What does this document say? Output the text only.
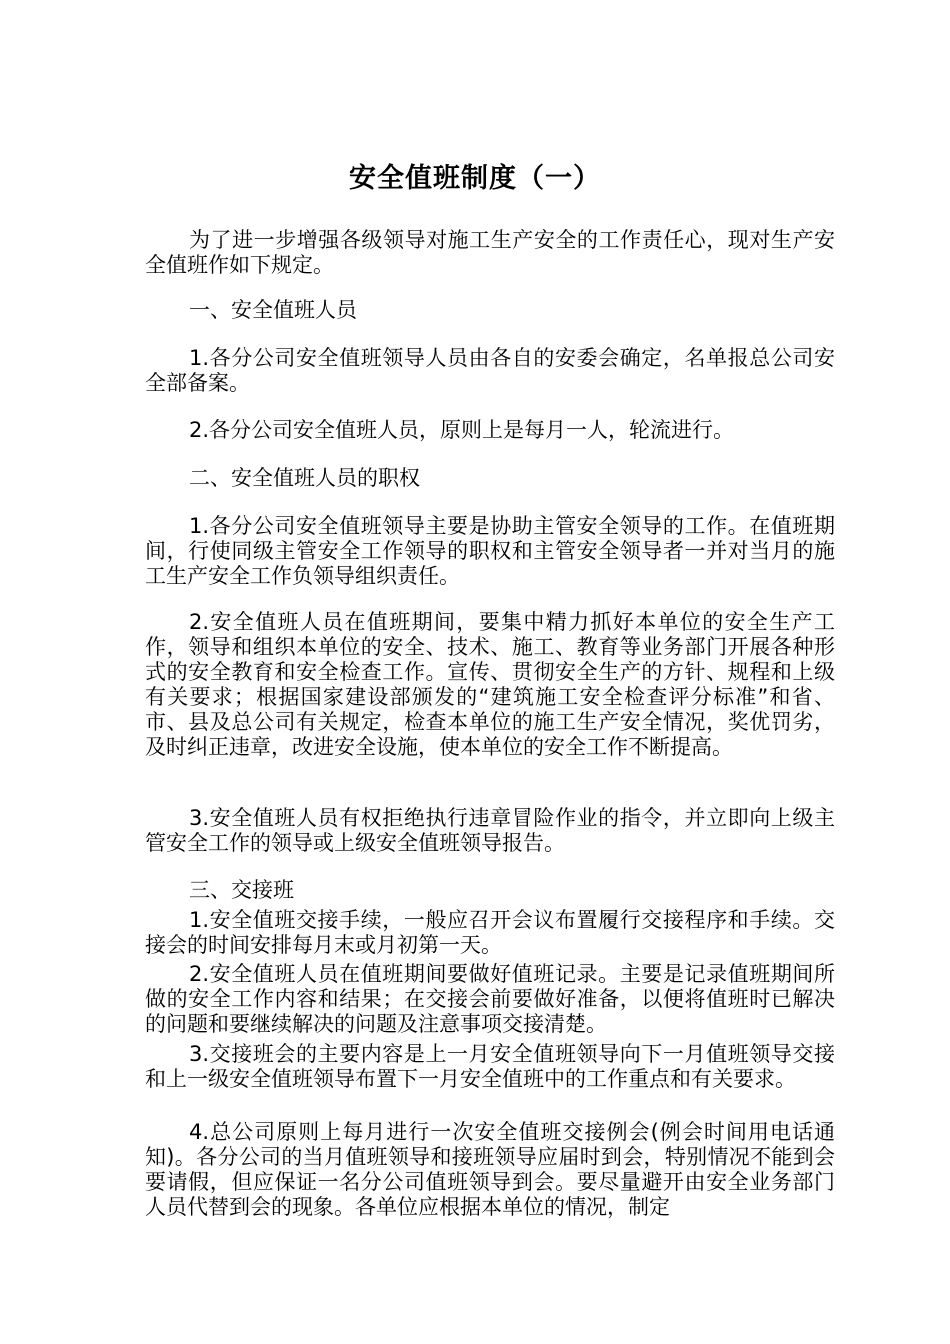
安全值班制度（一）

为了进一步增强各级领导对施工生产安全的工作责任心，现对生产安全值班作如下规定。

一、安全值班人员

1.各分公司安全值班领导人员由各自的安委会确定，名单报总公司安全部备案。

2.各分公司安全值班人员，原则上是每月一人，轮流进行。

二、安全值班人员的职权

1.各分公司安全值班领导主要是协助主管安全领导的工作。在值班期间，行使同级主管安全工作领导的职权和主管安全领导者一并对当月的施工生产安全工作负领导组织责任。

2.安全值班人员在值班期间，要集中精力抓好本单位的安全生产工作，领导和组织本单位的安全、技术、施工、教育等业务部门开展各种形式的安全教育和安全检查工作。宣传、贯彻安全生产的方针、规程和上级有关要求；根据国家建设部颁发的“建筑施工安全检查评分标准”和省、市、县及总公司有关规定，检查本单位的施工生产安全情况，奖优罚劣，及时纠正违章，改进安全设施，使本单位的安全工作不断提高。

3.安全值班人员有权拒绝执行违章冒险作业的指令，并立即向上级主管安全工作的领导或上级安全值班领导报告。

三、交接班

1.安全值班交接手续，一般应召开会议布置履行交接程序和手续。交接会的时间安排每月末或月初第一天。

2.安全值班人员在值班期间要做好值班记录。主要是记录值班期间所做的安全工作内容和结果；在交接会前要做好准备，以便将值班时已解决的问题和要继续解决的问题及注意事项交接清楚。

3.交接班会的主要内容是上一月安全值班领导向下一月值班领导交接和上一级安全值班领导布置下一月安全值班中的工作重点和有关要求。

4.总公司原则上每月进行一次安全值班交接例会(例会时间用电话通知)。各分公司的当月值班领导和接班领导应届时到会，特别情况不能到会要请假，但应保证一名分公司值班领导到会。要尽量避开由安全业务部门人员代替到会的现象。各单位应根据本单位的情况，制定
